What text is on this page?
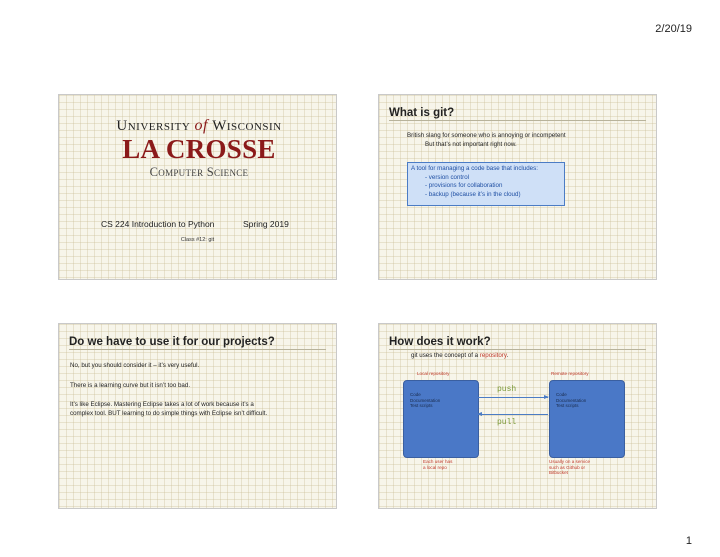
2/20/19
University of Wisconsin
LA CROSSE
Computer Science
CS 224 Introduction to Python	Spring 2019
Class #12: git
What is git?
British slang for someone who is annoying or incompetent
But that’s not important right now.
A tool for managing a code base that includes:
- version control
- provisions for collaboration
- backup (because it’s in the cloud)
Do we have to use it for our projects?
No, but you should consider it – it’s very useful.
There is a learning curve but it isn’t too bad.
It’s like Eclipse. Mastering Eclipse takes a lot of work because it’s a complex tool. BUT learning to do simple things with Eclipse isn’t difficult.
How does it work?
git uses the concept of a repository.
Local repository	Remote repository
Code
Documentation
Test scripts
Code
Documentation
Test scripts
push
pull
Each user has
a local repo
Usually on a service
such as Github or
Bitbucket
1
